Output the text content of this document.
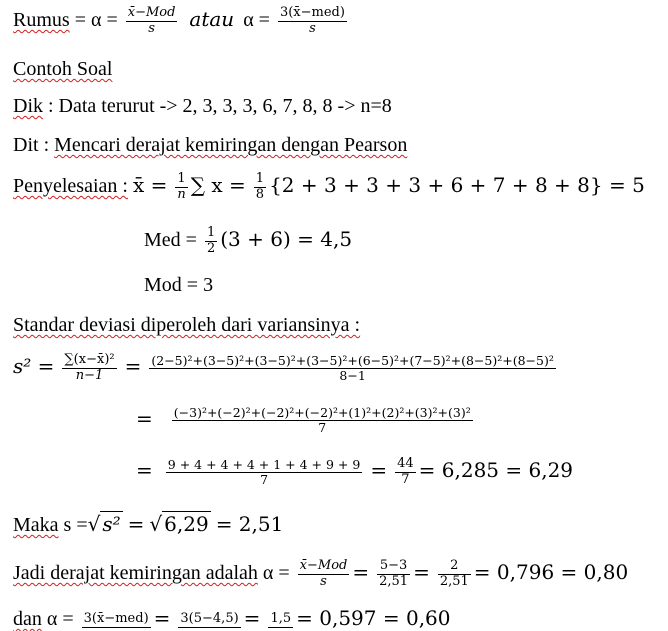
Rumus = $\alpha = \frac{\text{x̄−Mod}}{s}$ atau $\alpha = \frac{\text{3(x̄−med)}}{s}$
Contoh Soal
Dik : Data terurut -> 2, 3, 3, 3, 6, 7, 8, 8 -> n=8
Dit : Mencari derajat kemiringan dengan Pearson
Penyelesaian : x̄ = $\frac{1}{n}$ ∑ $x = \frac{1}{8} \{2 + 3 + 3 + 3 + 6 + 7 + 8 + 8\} = 5$
Med = $\frac{1}{2} (3 + 6) = 4,5$
Mod = 3
Standar deviasi diperoleh dari variansinya :
$s^2 = \frac{\text{∑(x−x̄)²}}{n-1} = \frac{\text{(2−5)²+(3−5)²+(3−5)²+(3−5)²+(6−5)²+(7−5)²+(8−5)²+(8−5)²}}{8-1}$
= $\frac{\text{(−3)²+(−2)²+(−2)²+(−2)²+(1)²+(2)²+(3)²+(3)²}}{7}$
= $\frac{9 + 4 + 4 + 4 + 1 + 4 + 9 + 9}{7} = \frac{44}{7} = 6,285 = 6,29$
Maka s =√ s² = √ 6,29 = 2,51
Jadi derajat kemiringan adalah $\alpha = \frac{\text{x̄−Mod}}{s} = \frac{5-3}{2,51} = \frac{2}{2,51} = 0,796 = 0,80$
dan α = 3(x̄−med) = 3(5−4,5) = 1,5 = 0,597 = 0,60
